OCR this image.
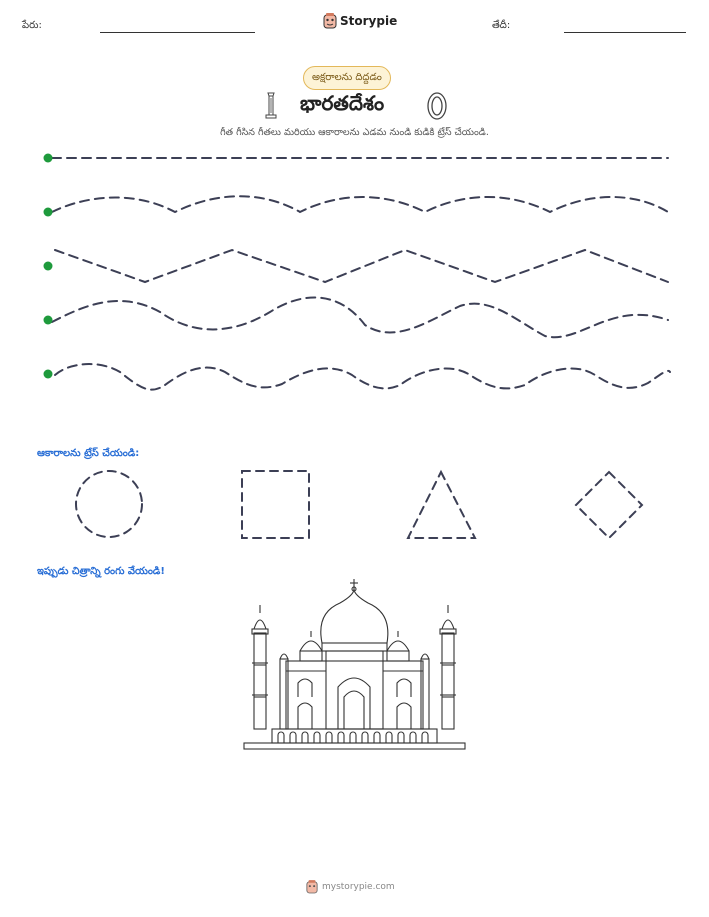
పేరు:	Storypie	తేదీ:
అక్షరాలను దిద్దడం
భారతదేశం
గీత గీసిన గీతలు మరియు ఆకారాలను ఎడమ నుండి కుడికి ట్రేస్ చేయండి.
ఆకారాలను ట్రేస్ చేయండి:
ఇప్పుడు చిత్రాన్ని రంగు వేయండి!
mystorypie.com
